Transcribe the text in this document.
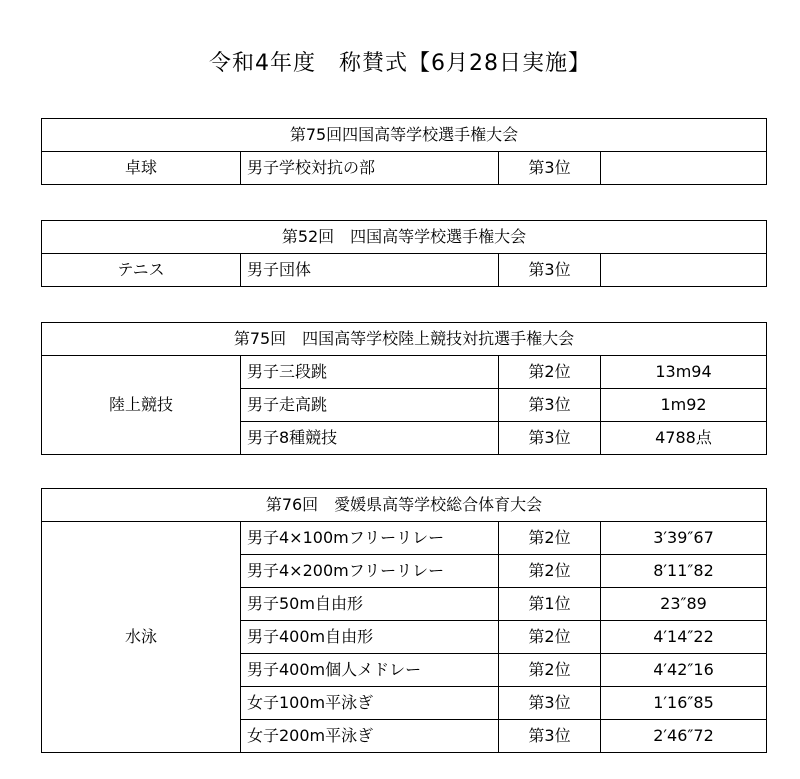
令和4年度　称賛式【6月28日実施】
第75回四国高等学校選手権大会
卓球	男子学校対抗の部	第3位	
第52回　四国高等学校選手権大会
テニス	男子団体	第3位	
第75回　四国高等学校陸上競技対抗選手権大会			
陸上競技	男子三段跳	第2位	13m94
	男子走高跳	第3位	1m92
	男子8種競技	第3位	4788点
第76回　愛媛県高等学校総合体育大会			
水泳	男子4×100mフリーリレー	第2位	3′39″67
	男子4×200mフリーリレー	第2位	8′11″82
	男子50m自由形	第1位	23″89
	男子400m自由形	第2位	4′14″22
	男子400m個人メドレー	第2位	4′42″16
	女子100m平泳ぎ	第3位	1′16″85
	女子200m平泳ぎ	第3位	2′46″72
